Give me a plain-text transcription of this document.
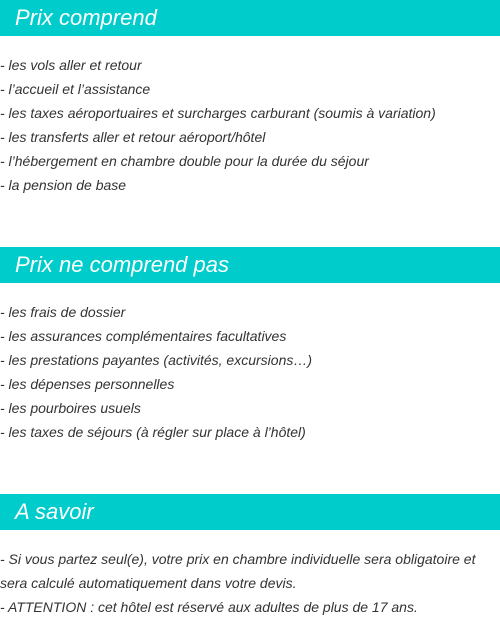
Prix comprend
- les vols aller et retour
- l’accueil et l’assistance
- les taxes aéroportuaires et surcharges carburant (soumis à variation)
- les transferts aller et retour aéroport/hôtel
- l’hébergement en chambre double pour la durée du séjour
- la pension de base
Prix ne comprend pas
- les frais de dossier
- les assurances complémentaires facultatives
- les prestations payantes (activités, excursions…)
- les dépenses personnelles
- les pourboires usuels
- les taxes de séjours (à régler sur place à l’hôtel)
A savoir

- Si vous partez seul(e), votre prix en chambre individuelle sera obligatoire et sera calculé automatiquement dans votre devis.

- ATTENTION : cet hôtel est réservé aux adultes de plus de 17 ans.
